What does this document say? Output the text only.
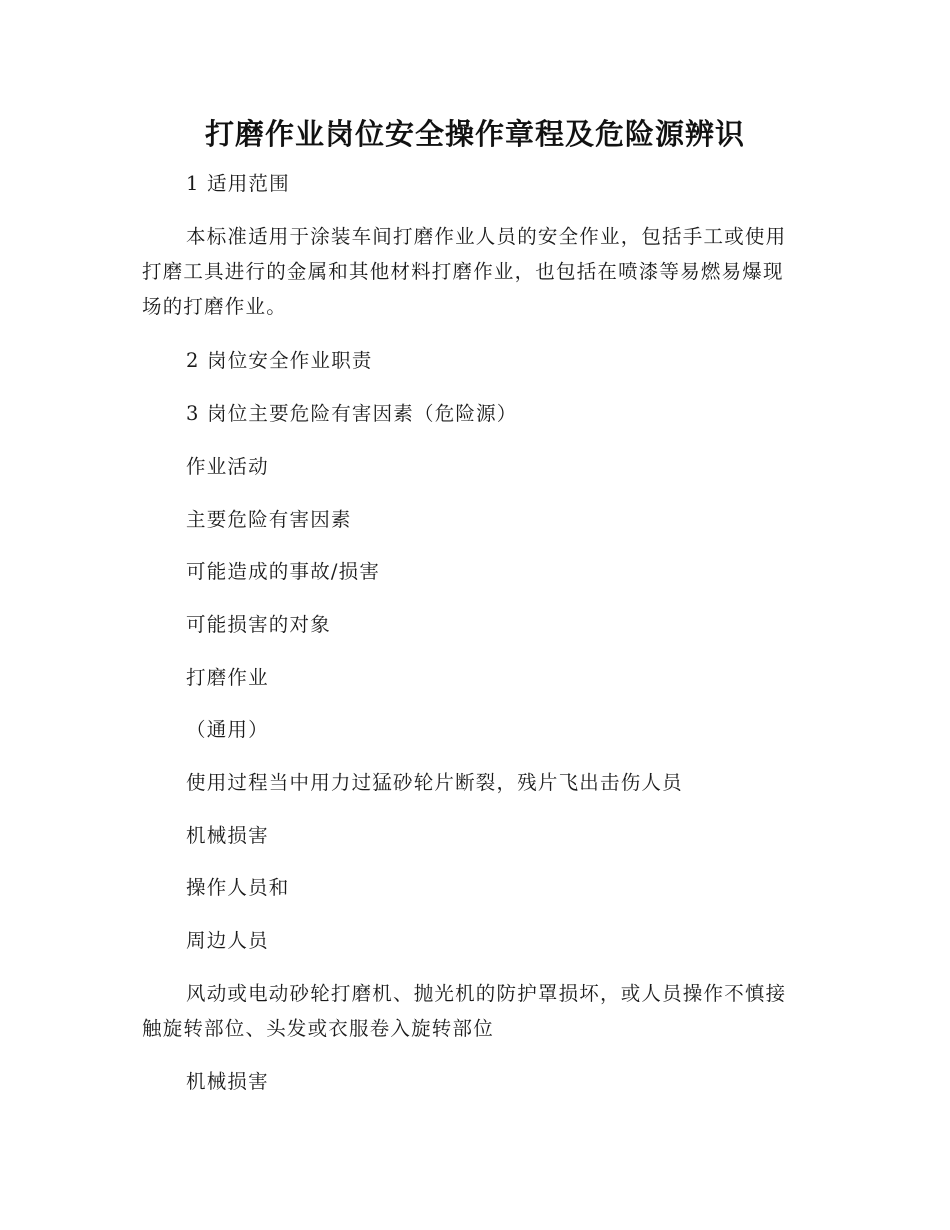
打磨作业岗位安全操作章程及危险源辨识
1 适用范围
本标准适用于涂装车间打磨作业人员的安全作业，包括手工或使用打磨工具进行的金属和其他材料打磨作业，也包括在喷漆等易燃易爆现场的打磨作业。
2 岗位安全作业职责
3 岗位主要危险有害因素（危险源）
作业活动
主要危险有害因素
可能造成的事故/损害
可能损害的对象
打磨作业
（通用）
使用过程当中用力过猛砂轮片断裂，残片飞出击伤人员
机械损害
操作人员和
周边人员
风动或电动砂轮打磨机、抛光机的防护罩损坏，或人员操作不慎接触旋转部位、头发或衣服卷入旋转部位
机械损害
